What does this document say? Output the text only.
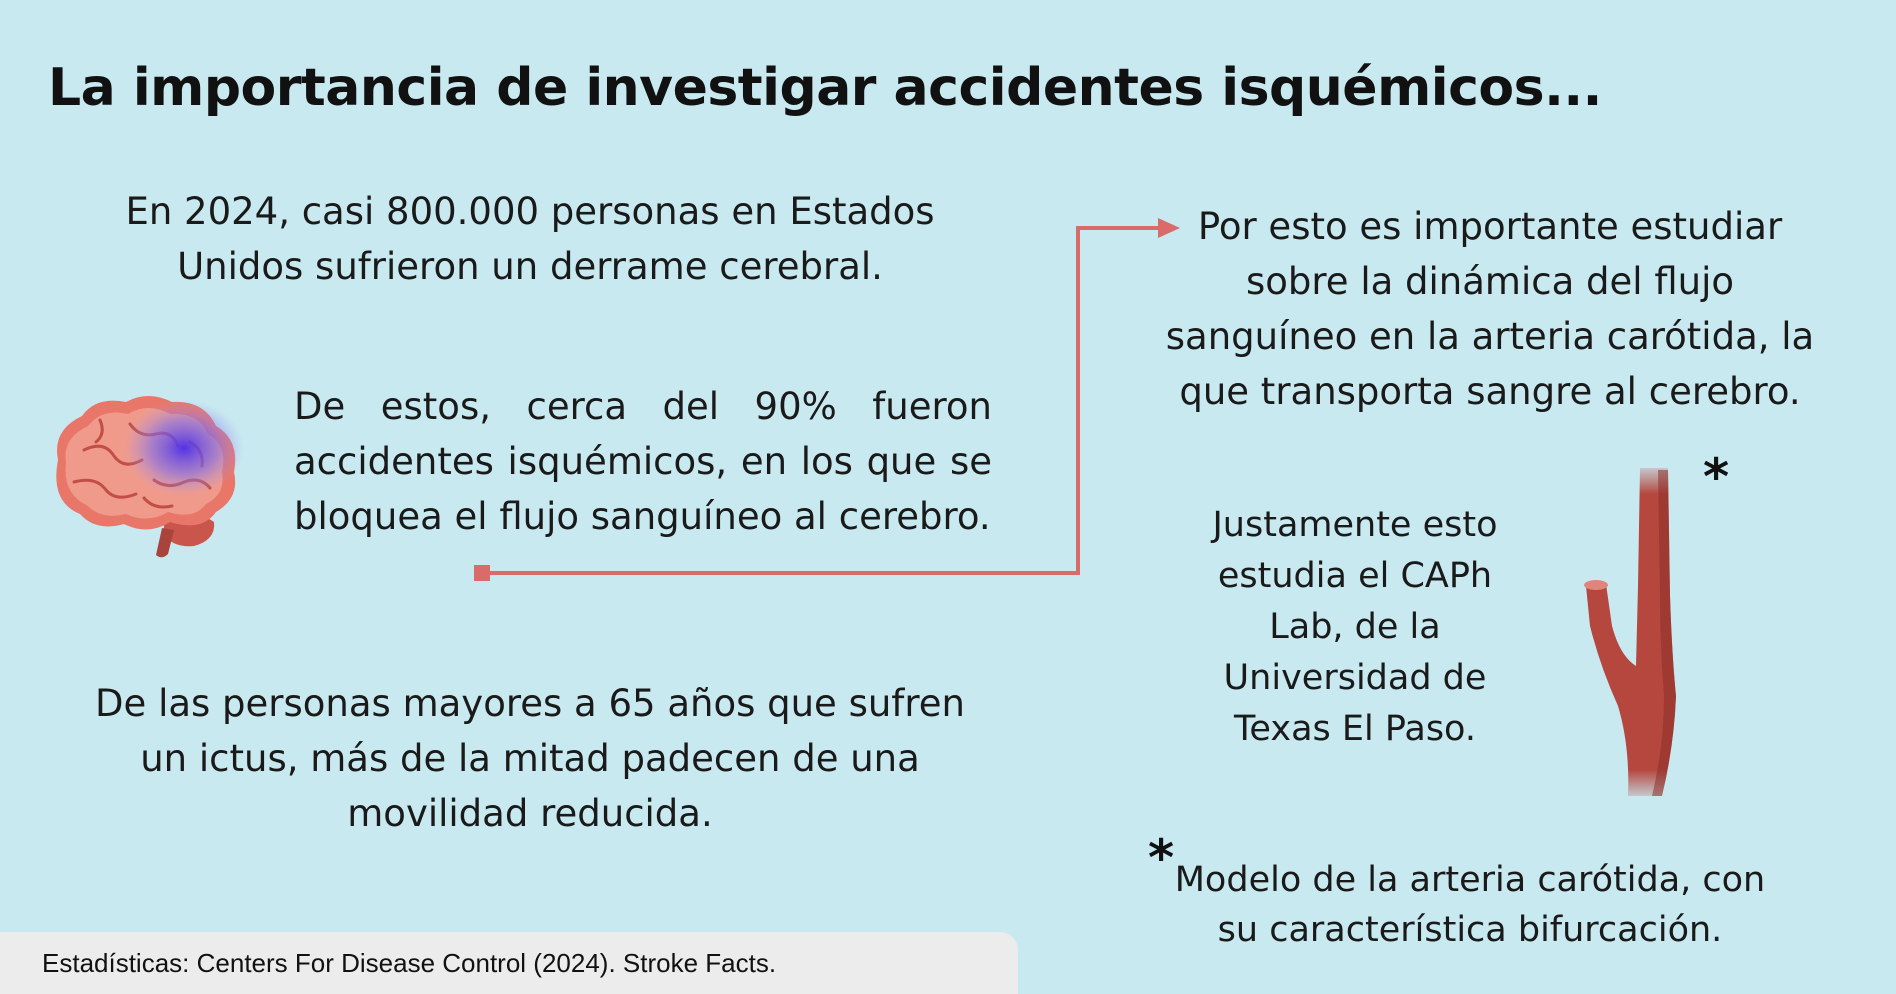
La importancia de investigar accidentes isquémicos...
En 2024, casi 800.000 personas en Estados Unidos sufrieron un derrame cerebral.
De estos, cerca del 90% fueron accidentes isquémicos, en los que se bloquea el flujo sanguíneo al cerebro.
De las personas mayores a 65 años que sufren un ictus, más de la mitad padecen de una movilidad reducida.
Por esto es importante estudiar sobre la dinámica del flujo sanguíneo en la arteria carótida, la que transporta sangre al cerebro.
Justamente esto estudia el CAPh Lab, de la Universidad de Texas El Paso.
*
* Modelo de la arteria carótida, con su característica bifurcación.
Estadísticas: Centers For Disease Control (2024). Stroke Facts.
